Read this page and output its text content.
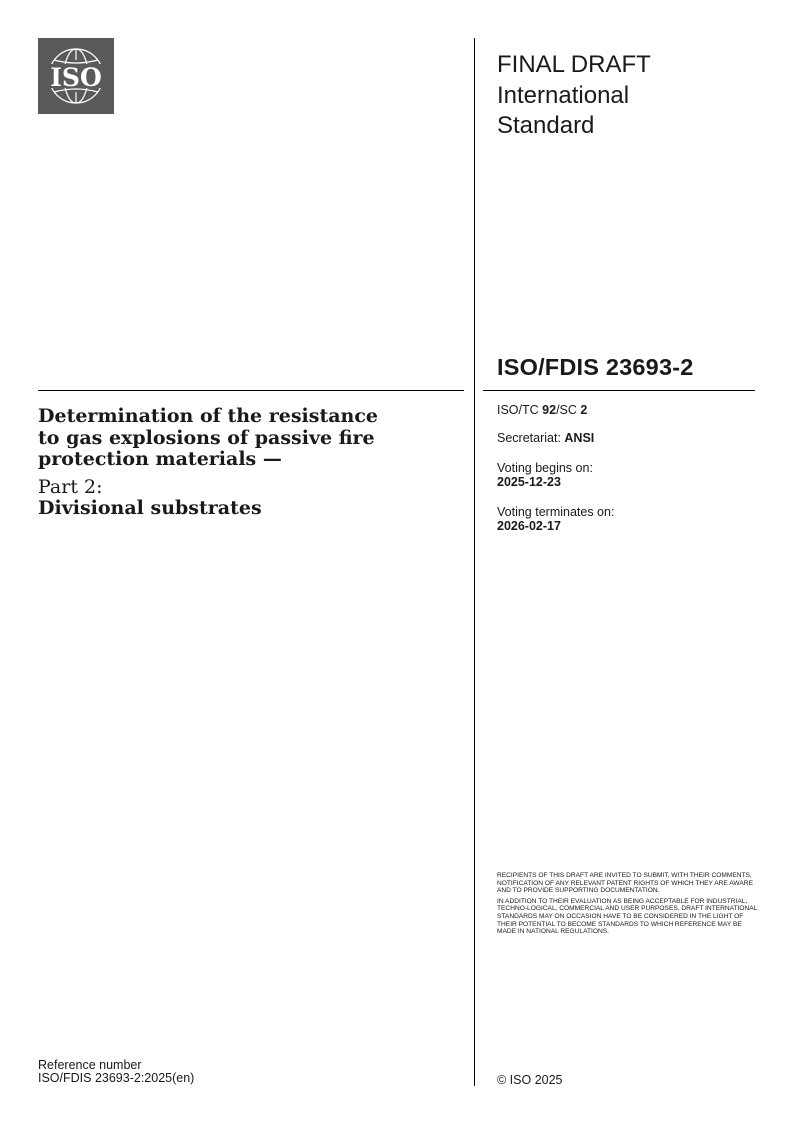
ISO	FINAL DRAFT
International
Standard
ISO/FDIS 23693-2
Determination of the resistance
to gas explosions of passive fire
protection materials —
Part 2:
Divisional substrates
ISO/TC 92/SC 2
Secretariat: ANSI
Voting begins on:
2025-12-23
Voting terminates on:
2026-02-17

RECIPIENTS OF THIS DRAFT ARE INVITED TO SUBMIT, WITH THEIR COMMENTS, NOTIFICATION OF ANY RELEVANT PATENT RIGHTS OF WHICH THEY ARE AWARE AND TO PROVIDE SUPPORTING DOCUMENTATION.

IN ADDITION TO THEIR EVALUATION AS BEING ACCEPTABLE FOR INDUSTRIAL, TECHNO-LOGICAL, COMMERCIAL AND USER PURPOSES, DRAFT INTERNATIONAL STANDARDS MAY ON OCCASION HAVE TO BE CONSIDERED IN THE LIGHT OF THEIR POTENTIAL TO BECOME STANDARDS TO WHICH REFERENCE MAY BE MADE IN NATIONAL REGULATIONS.

Reference number
ISO/FDIS 23693-2:2025(en)	© ISO 2025
